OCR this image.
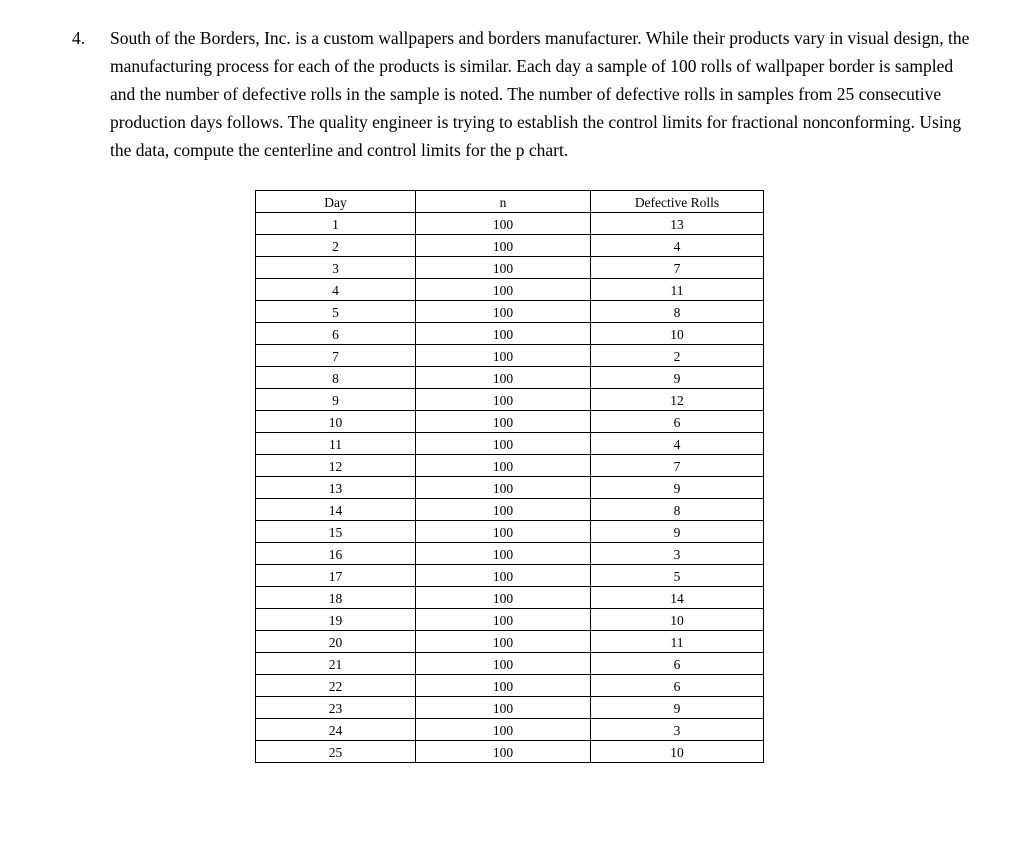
4.	South of the Borders, Inc. is a custom wallpapers and borders manufacturer. While their products vary in visual design, the manufacturing process for each of the products is similar. Each day a sample of 100 rolls of wallpaper border is sampled and the number of defective rolls in the sample is noted. The number of defective rolls in samples from 25 consecutive production days follows. The quality engineer is trying to establish the control limits for fractional nonconforming. Using the data, compute the centerline and control limits for the p chart.
Day	n	Defective Rolls
1	100	13
2	100	4
3	100	7
4	100	11
5	100	8
6	100	10
7	100	2
8	100	9
9	100	12
10	100	6
11	100	4
12	100	7
13	100	9
14	100	8
15	100	9
16	100	3
17	100	5
18	100	14
19	100	10
20	100	11
21	100	6
22	100	6
23	100	9
24	100	3
25	100	10
